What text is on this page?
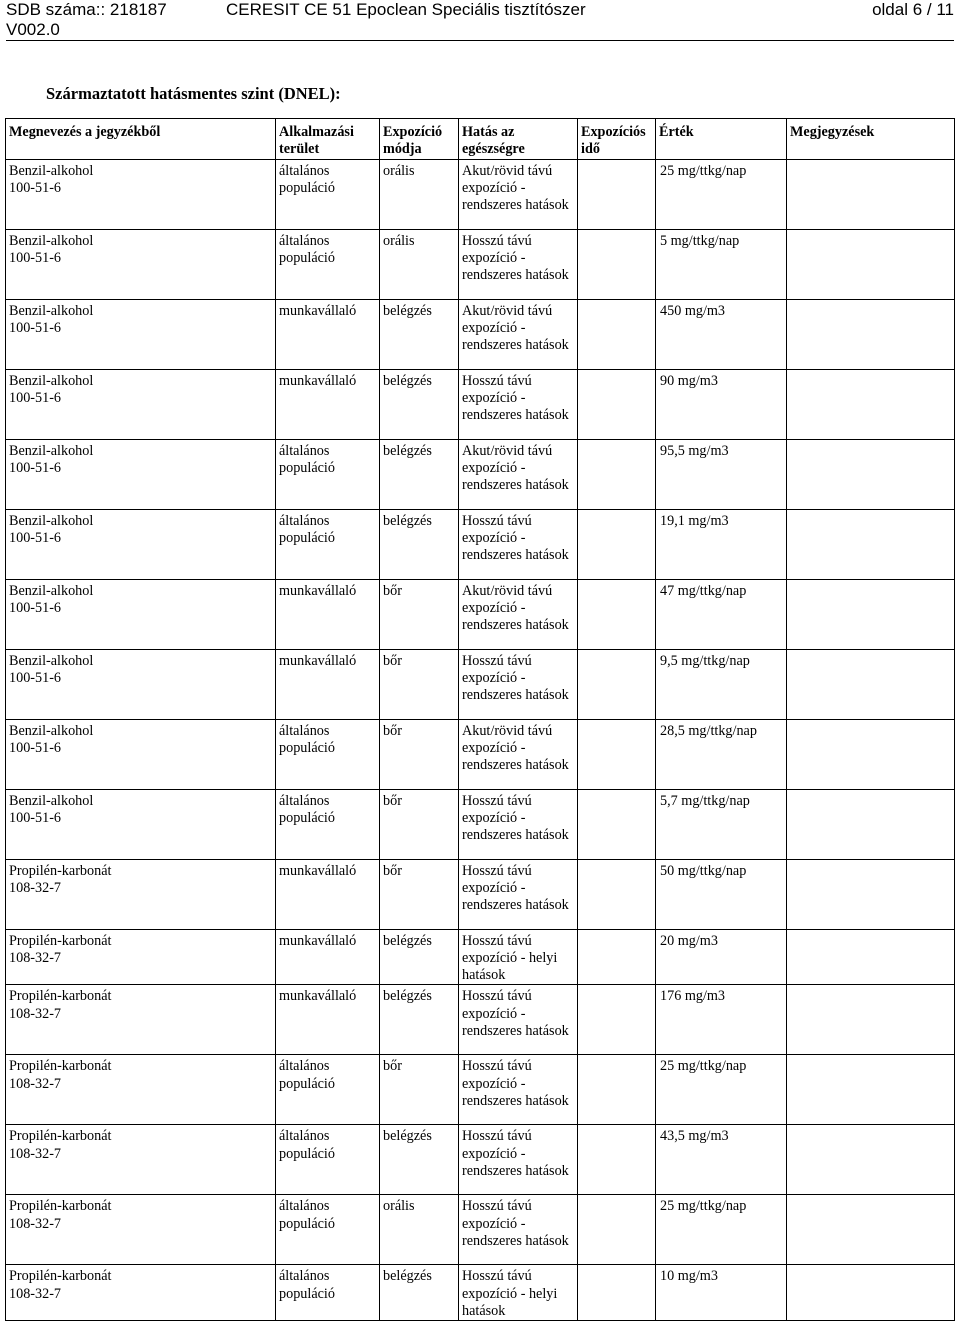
SDB száma:: 218187	CERESIT CE 51 Epoclean Speciális tisztítószer	oldal 6 / 11
V002.0
Származtatott hatásmentes szint (DNEL):
Megnevezés a jegyzékből	Alkalmazási terület	Expozíció módja	Hatás az egészségre	Expozíciós idő	Érték	Megjegyzések

Benzil-alkohol
100-51-6	általános populáció	orális	Akut/rövid távú expozíció - rendszeres hatások		25 mg/ttkg/nap	

Benzil-alkohol
100-51-6	általános populáció	orális	Hosszú távú expozíció - rendszeres hatások		5 mg/ttkg/nap	

Benzil-alkohol
100-51-6	munkavállaló	belégzés	Akut/rövid távú expozíció - rendszeres hatások		450 mg/m3	

Benzil-alkohol
100-51-6	munkavállaló	belégzés	Hosszú távú expozíció - rendszeres hatások		90 mg/m3	

Benzil-alkohol
100-51-6	általános populáció	belégzés	Akut/rövid távú expozíció - rendszeres hatások		95,5 mg/m3	

Benzil-alkohol
100-51-6	általános populáció	belégzés	Hosszú távú expozíció - rendszeres hatások		19,1 mg/m3	

Benzil-alkohol
100-51-6	munkavállaló	bőr	Akut/rövid távú expozíció - rendszeres hatások		47 mg/ttkg/nap	

Benzil-alkohol
100-51-6	munkavállaló	bőr	Hosszú távú expozíció - rendszeres hatások		9,5 mg/ttkg/nap	

Benzil-alkohol
100-51-6	általános populáció	bőr	Akut/rövid távú expozíció - rendszeres hatások		28,5 mg/ttkg/nap	

Benzil-alkohol
100-51-6	általános populáció	bőr	Hosszú távú expozíció - rendszeres hatások		5,7 mg/ttkg/nap	

Propilén-karbonát
108-32-7	munkavállaló	bőr	Hosszú távú expozíció - rendszeres hatások		50 mg/ttkg/nap	

Propilén-karbonát
108-32-7	munkavállaló	belégzés	Hosszú távú expozíció - helyi hatások		20 mg/m3	

Propilén-karbonát
108-32-7	munkavállaló	belégzés	Hosszú távú expozíció - rendszeres hatások		176 mg/m3	

Propilén-karbonát
108-32-7	általános populáció	bőr	Hosszú távú expozíció - rendszeres hatások		25 mg/ttkg/nap	

Propilén-karbonát
108-32-7	általános populáció	belégzés	Hosszú távú expozíció - rendszeres hatások		43,5 mg/m3	

Propilén-karbonát
108-32-7	általános populáció	orális	Hosszú távú expozíció - rendszeres hatások		25 mg/ttkg/nap	

Propilén-karbonát
108-32-7	általános populáció	belégzés	Hosszú távú expozíció - helyi hatások		10 mg/m3	
